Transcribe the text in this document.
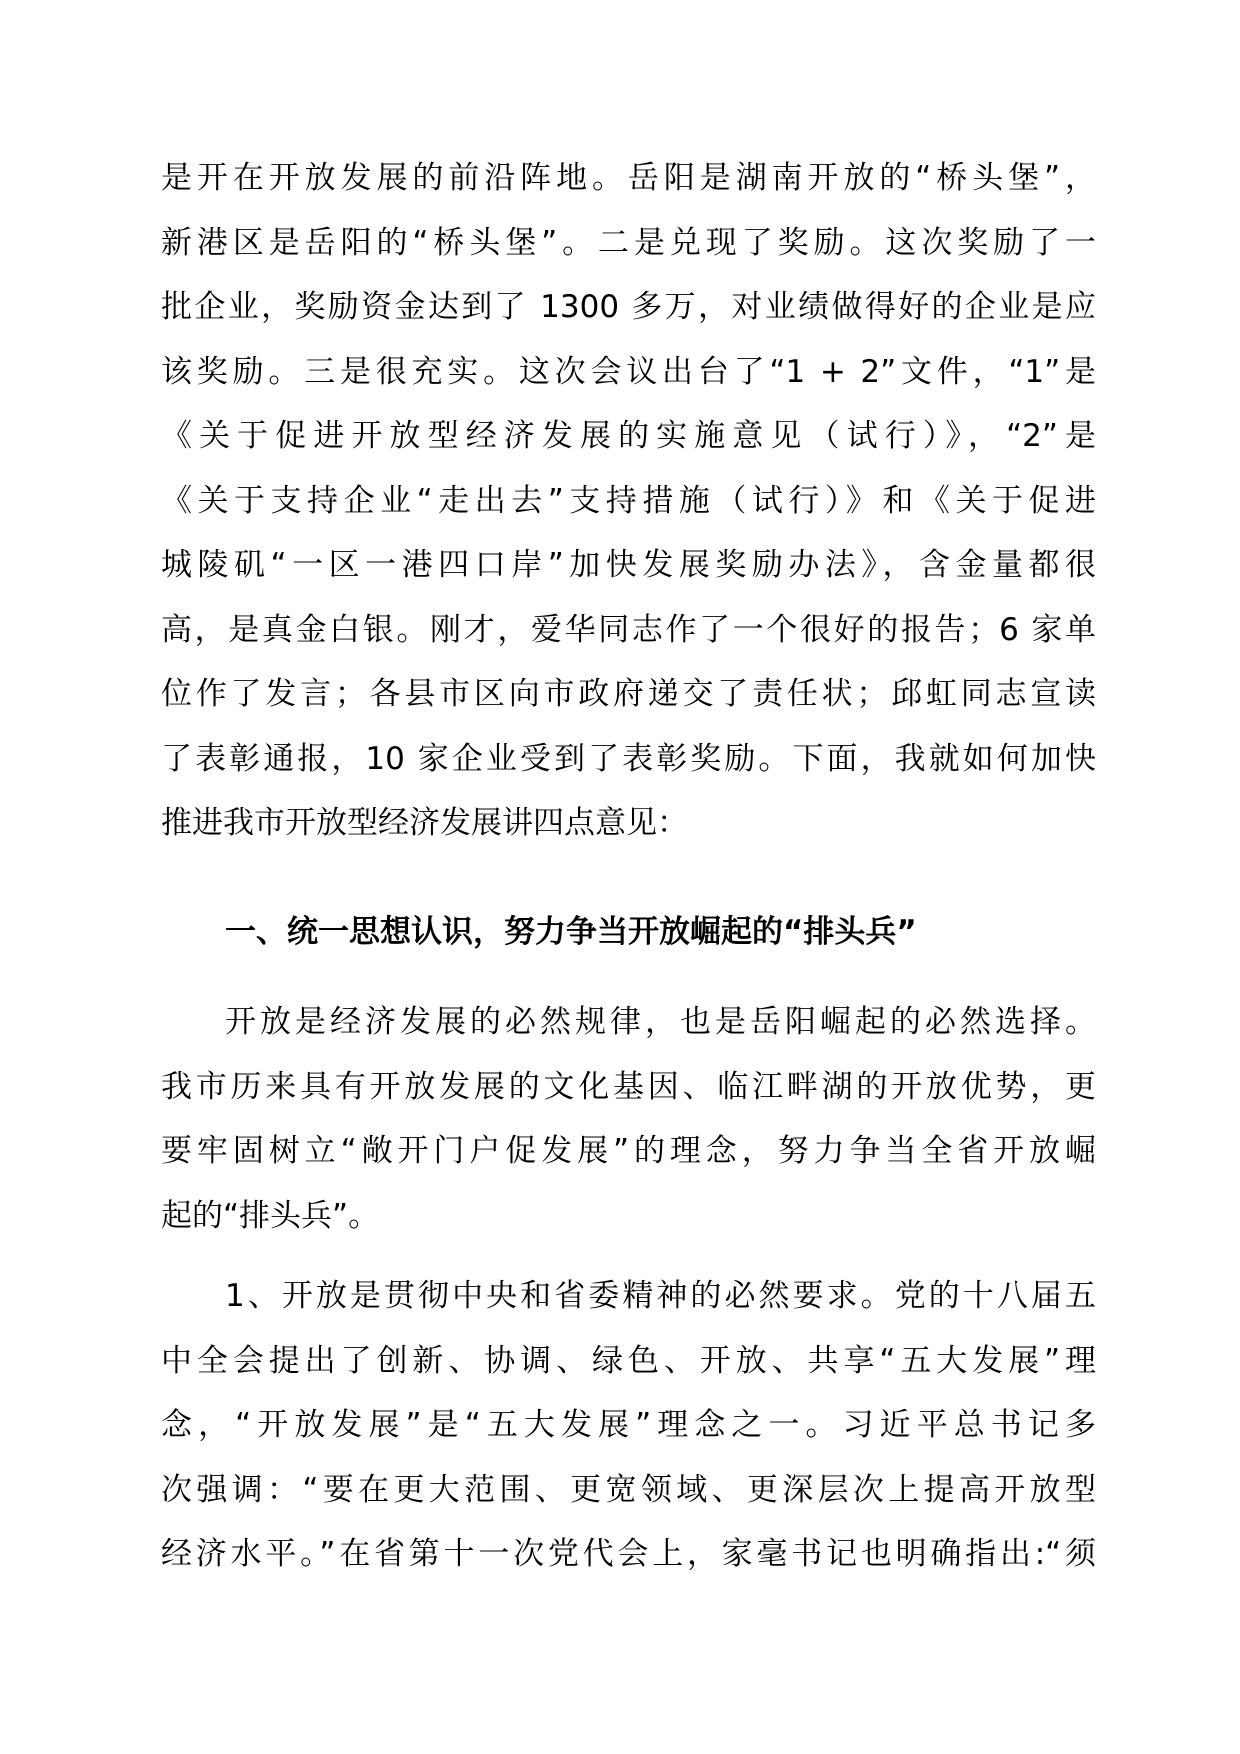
是开在开放发展的前沿阵地。岳阳是湖南开放的“桥头堡”，
新港区是岳阳的“桥头堡”。二是兑现了奖励。这次奖励了一
批企业，奖励资金达到了 1300 多万，对业绩做得好的企业是应
该奖励。三是很充实。这次会议出台了“1 + 2”文件，“1”是
《关于促进开放型经济发展的实施意见（试行）》，“2”是
《关于支持企业“走出去”支持措施（试行）》和《关于促进
城陵矶“一区一港四口岸”加快发展奖励办法》，含金量都很
高，是真金白银。刚才，爱华同志作了一个很好的报告；6 家单
位作了发言；各县市区向市政府递交了责任状；邱虹同志宣读
了表彰通报，10 家企业受到了表彰奖励。下面，我就如何加快
推进我市开放型经济发展讲四点意见：
一、统一思想认识，努力争当开放崛起的“排头兵”
开放是经济发展的必然规律，也是岳阳崛起的必然选择。
我市历来具有开放发展的文化基因、临江畔湖的开放优势，更
要牢固树立“敞开门户促发展”的理念，努力争当全省开放崛
起的“排头兵”。
1、开放是贯彻中央和省委精神的必然要求。党的十八届五
中全会提出了创新、协调、绿色、开放、共享“五大发展”理
念，“开放发展”是“五大发展”理念之一。习近平总书记多
次强调：“要在更大范围、更宽领域、更深层次上提高开放型
经济水平。”在省第十一次党代会上，家毫书记也明确指出:“须
